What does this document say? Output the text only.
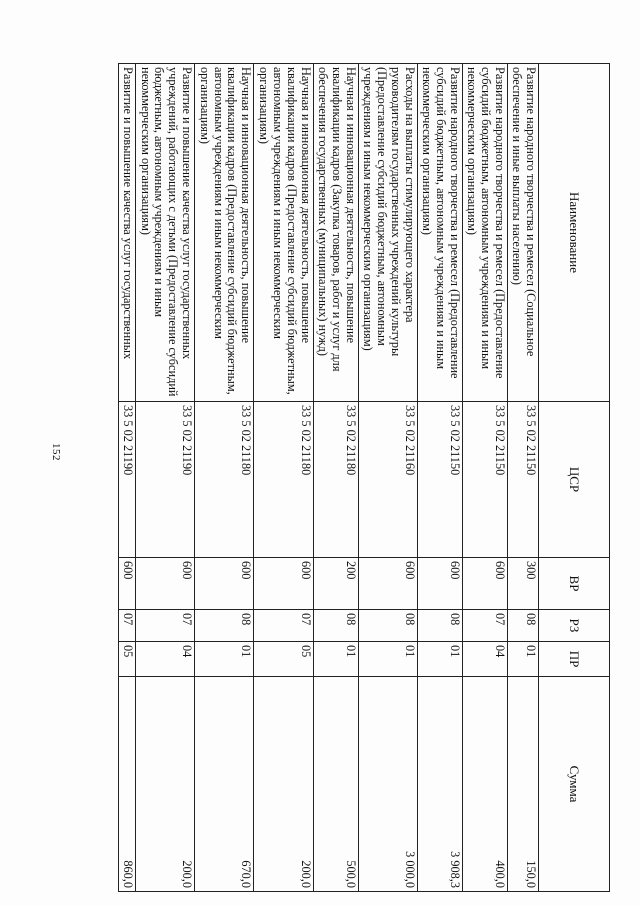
152
Наименование	ЦСР	ВР	РЗ	ПР	Сумма
Развитие народного творчества и ремесел (Социальное обеспечение и иные выплаты населению)	33 5 02 21150	300	08	01	150,0
Развитие народного творчества и ремесел (Предоставление субсидий бюджетным, автономным учреждениям и иным некоммерческим организациям)	33 5 02 21150	600	07	04	400,0
Развитие народного творчества и ремесел (Предоставление субсидий бюджетным, автономным учреждениям и иным некоммерческим организациям)	33 5 02 21150	600	08	01	3 908,3
Расходы на выплаты стимулирующего характера руководителям государственных учреждений культуры (Предоставление субсидий бюджетным, автономным учреждениям и иным некоммерческим организациям)	33 5 02 21160	600	08	01	3 000,0
Научная и инновационная деятельность, повышение квалификации кадров (Закупка товаров, работ и услуг для обеспечения государственных (муниципальных) нужд)	33 5 02 21180	200	08	01	500,0
Научная и инновационная деятельность, повышение квалификации кадров (Предоставление субсидий бюджетным, автономным учреждениям и иным некоммерческим организациям)	33 5 02 21180	600	07	05	200,0
Научная и инновационная деятельность, повышение квалификации кадров (Предоставление субсидий бюджетным, автономным учреждениям и иным некоммерческим организациям)	33 5 02 21180	600	08	01	670,0
Развитие и повышение качества услуг государственных учреждений, работающих с детьми (Предоставление субсидий бюджетным, автономным учреждениям и иным некоммерческим организациям)	33 5 02 21190	600	07	04	200,0
Развитие и повышение качества услуг государственных	33 5 02 21190	600	07	05	860,0
